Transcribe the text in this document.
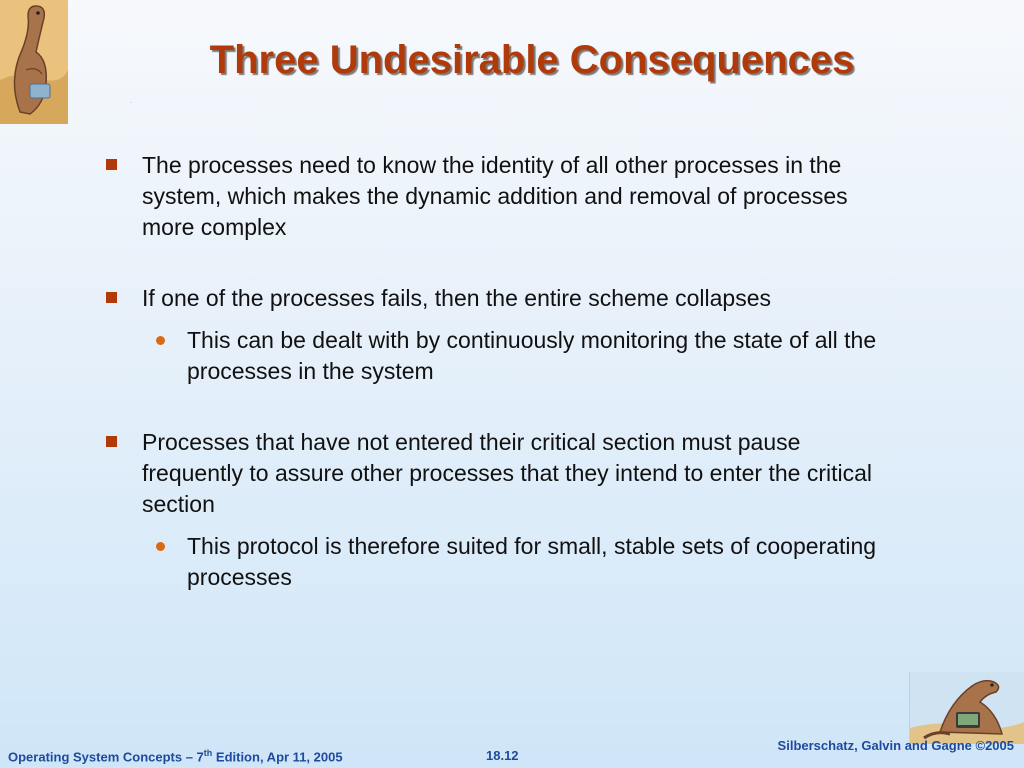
.
Three Undesirable Consequences
The processes need to know the identity of all other processes in the system, which makes the dynamic addition and removal of processes more complex
If one of the processes fails, then the entire scheme collapses
This can be dealt with by continuously monitoring the state of all the processes in the system
Processes that have not entered their critical section must pause frequently to assure other processes that they intend to enter the critical section
This protocol is therefore suited for small, stable sets of cooperating processes
Operating System Concepts – 7th Edition, Apr 11, 2005	18.12
Silberschatz, Galvin and Gagne ©2005
